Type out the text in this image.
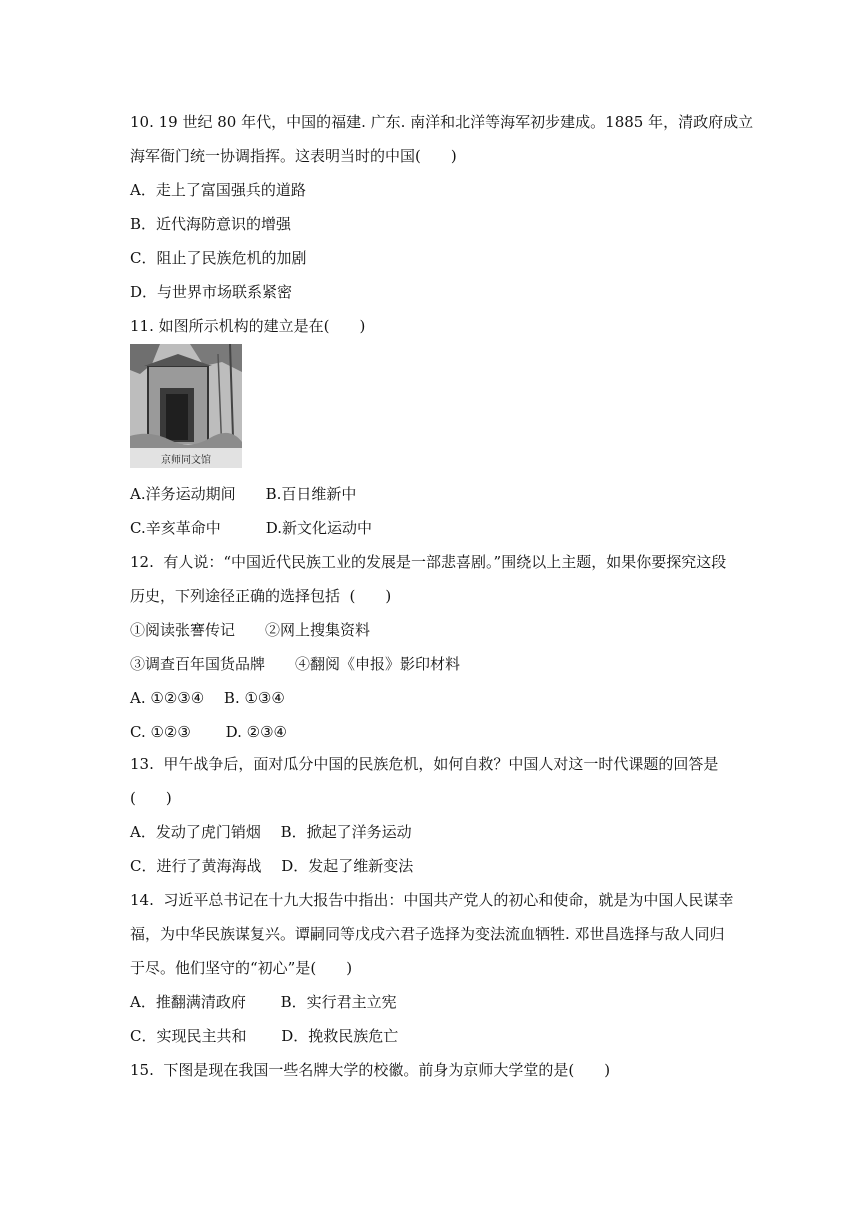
10. 19 世纪 80 年代，中国的福建. 广东. 南洋和北洋等海军初步建成。1885 年，清政府成立
海军衙门统一协调指挥。这表明当时的中国(　　)
A．走上了富国强兵的道路
B．近代海防意识的增强
C．阻止了民族危机的加剧
D．与世界市场联系紧密
11. 如图所示机构的建立是在(　　)
京师同文馆
A.洋务运动期间　　B.百日维新中
C.辛亥革命中　　　D.新文化运动中
12.  有人说：“中国近代民族工业的发展是一部悲喜剧。”围绕以上主题，如果你要探究这段
历史，下列途径正确的选择包括  (　　)
①阅读张謇传记　　②网上搜集资料
③调查百年国货品牌　　④翻阅《申报》影印材料
A. ①②③④　 B. ①③④
C. ①②③　　 D. ②③④
13.  甲午战争后，面对瓜分中国的民族危机，如何自救？中国人对这一时代课题的回答是
(　　)
A．发动了虎门销烟　 B．掀起了洋务运动
C．进行了黄海海战　 D．发起了维新变法
14.  习近平总书记在十九大报告中指出：中国共产党人的初心和使命，就是为中国人民谋幸
福，为中华民族谋复兴。谭嗣同等戊戌六君子选择为变法流血牺牲. 邓世昌选择与敌人同归
于尽。他们坚守的“初心”是(　　)
A．推翻满清政府　　 B．实行君主立宪
C．实现民主共和　　 D．挽救民族危亡
15.  下图是现在我国一些名牌大学的校徽。前身为京师大学堂的是(　　)
